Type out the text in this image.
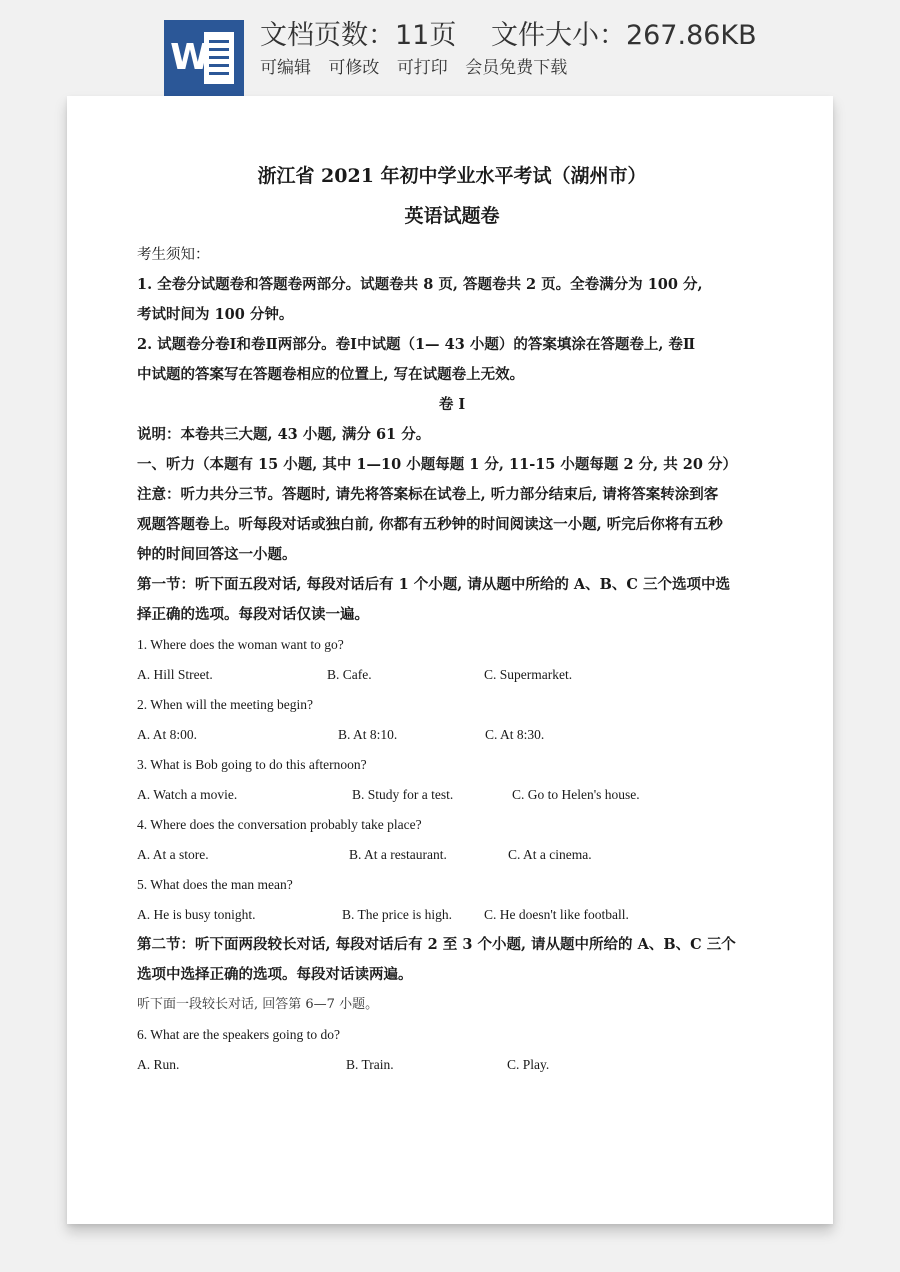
W
文档页数：11页 文件大小：267.86KB
可编辑 可修改 可打印 会员免费下载

浙江省 2021 年初中学业水平考试（湖州市）

英语试题卷

考生须知：

1. 全卷分试题卷和答题卷两部分。试题卷共 8 页, 答题卷共 2 页。全卷满分为 100 分,

考试时间为 100 分钟。

2. 试题卷分卷Ⅰ和卷Ⅱ两部分。卷Ⅰ中试题（1— 43 小题）的答案填涂在答题卷上, 卷Ⅱ

中试题的答案写在答题卷相应的位置上, 写在试题卷上无效。

卷 I

说明：本卷共三大题, 43 小题, 满分 61 分。

一、听力（本题有 15 小题, 其中 1—10 小题每题 1 分, 11-15 小题每题 2 分, 共 20 分）

注意：听力共分三节。答题时, 请先将答案标在试卷上, 听力部分结束后, 请将答案转涂到客

观题答题卷上。听每段对话或独白前, 你都有五秒钟的时间阅读这一小题, 听完后你将有五秒

钟的时间回答这一小题。

第一节：听下面五段对话, 每段对话后有 1 个小题, 请从题中所给的 A、B、C 三个选项中选

择正确的选项。每段对话仅读一遍。

1. Where does the woman want to go?

A. Hill Street.	B. Cafe.	C. Supermarket.

2. When will the meeting begin?

A. At 8:00.	B. At 8:10.	C. At 8:30.

3. What is Bob going to do this afternoon?

A. Watch a movie.	B. Study for a test.	C. Go to Helen's house.

4. Where does the conversation probably take place?

A. At a store.	B. At a restaurant.	C. At a cinema.

5. What does the man mean?

A. He is busy tonight.	B. The price is high. C. He doesn't like football.

第二节：听下面两段较长对话, 每段对话后有 2 至 3 个小题, 请从题中所给的 A、B、C 三个

选项中选择正确的选项。每段对话读两遍。

听下面一段较长对话, 回答第 6—7 小题。

6. What are the speakers going to do?

A. Run.	B. Train.	C. Play.
